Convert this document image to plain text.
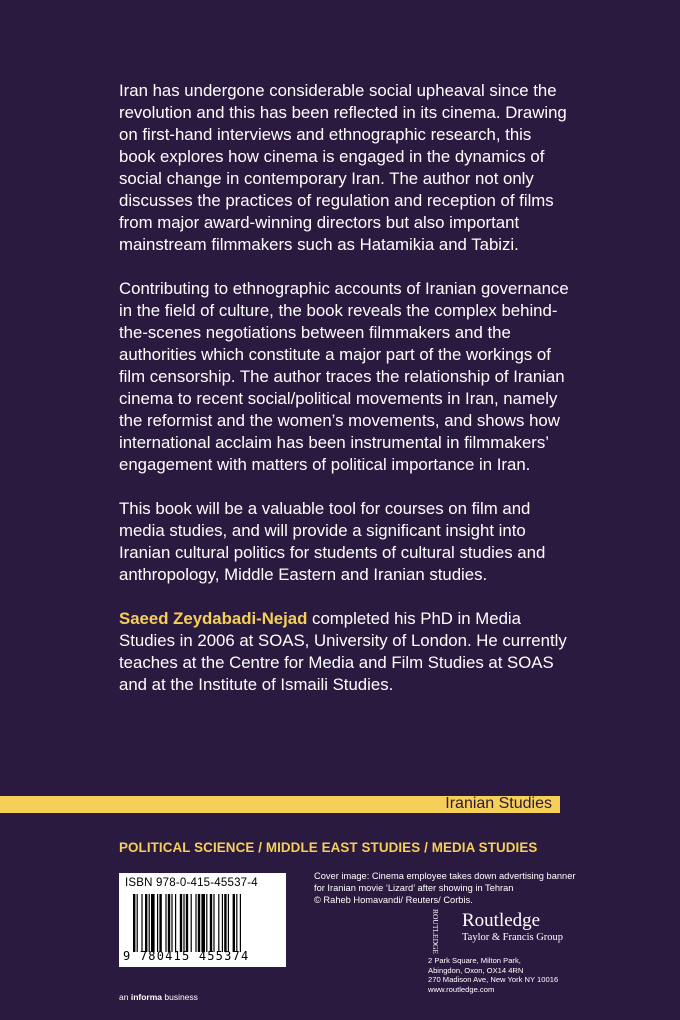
Iran has undergone considerable social upheaval since the revolution and this has been reflected in its cinema. Drawing on first-hand interviews and ethnographic research, this book explores how cinema is engaged in the dynamics of social change in contemporary Iran. The author not only discusses the practices of regulation and reception of films from major award-winning directors but also important mainstream filmmakers such as Hatamikia and Tabizi.

Contributing to ethnographic accounts of Iranian governance in the field of culture, the book reveals the complex behind-the-scenes negotiations between filmmakers and the authorities which constitute a major part of the workings of film censorship. The author traces the relationship of Iranian cinema to recent social/political movements in Iran, namely the reformist and the women’s movements, and shows how international acclaim has been instrumental in filmmakers’ engagement with matters of political importance in Iran.

This book will be a valuable tool for courses on film and media studies, and will provide a significant insight into Iranian cultural politics for students of cultural studies and anthropology, Middle Eastern and Iranian studies.

Saeed Zeydabadi-Nejad completed his PhD in Media Studies in 2006 at SOAS, University of London. He currently teaches at the Centre for Media and Film Studies at SOAS and at the Institute of Ismaili Studies.

Iranian Studies
POLITICAL SCIENCE / MIDDLE EAST STUDIES / MEDIA STUDIES
ISBN 978-0-415-45537-4
9 780415 455374
an informa business
Cover image: Cinema employee takes down advertising banner for Iranian movie ‘Lizard’ after showing in Tehran
© Raheb Homavandi/ Reuters/ Corbis.
ROUTLEDGE Routledge
Taylor & Francis Group
2 Park Square, Milton Park,
Abingdon, Oxon, OX14 4RN
270 Madison Ave, New York NY 10016
www.routledge.com
